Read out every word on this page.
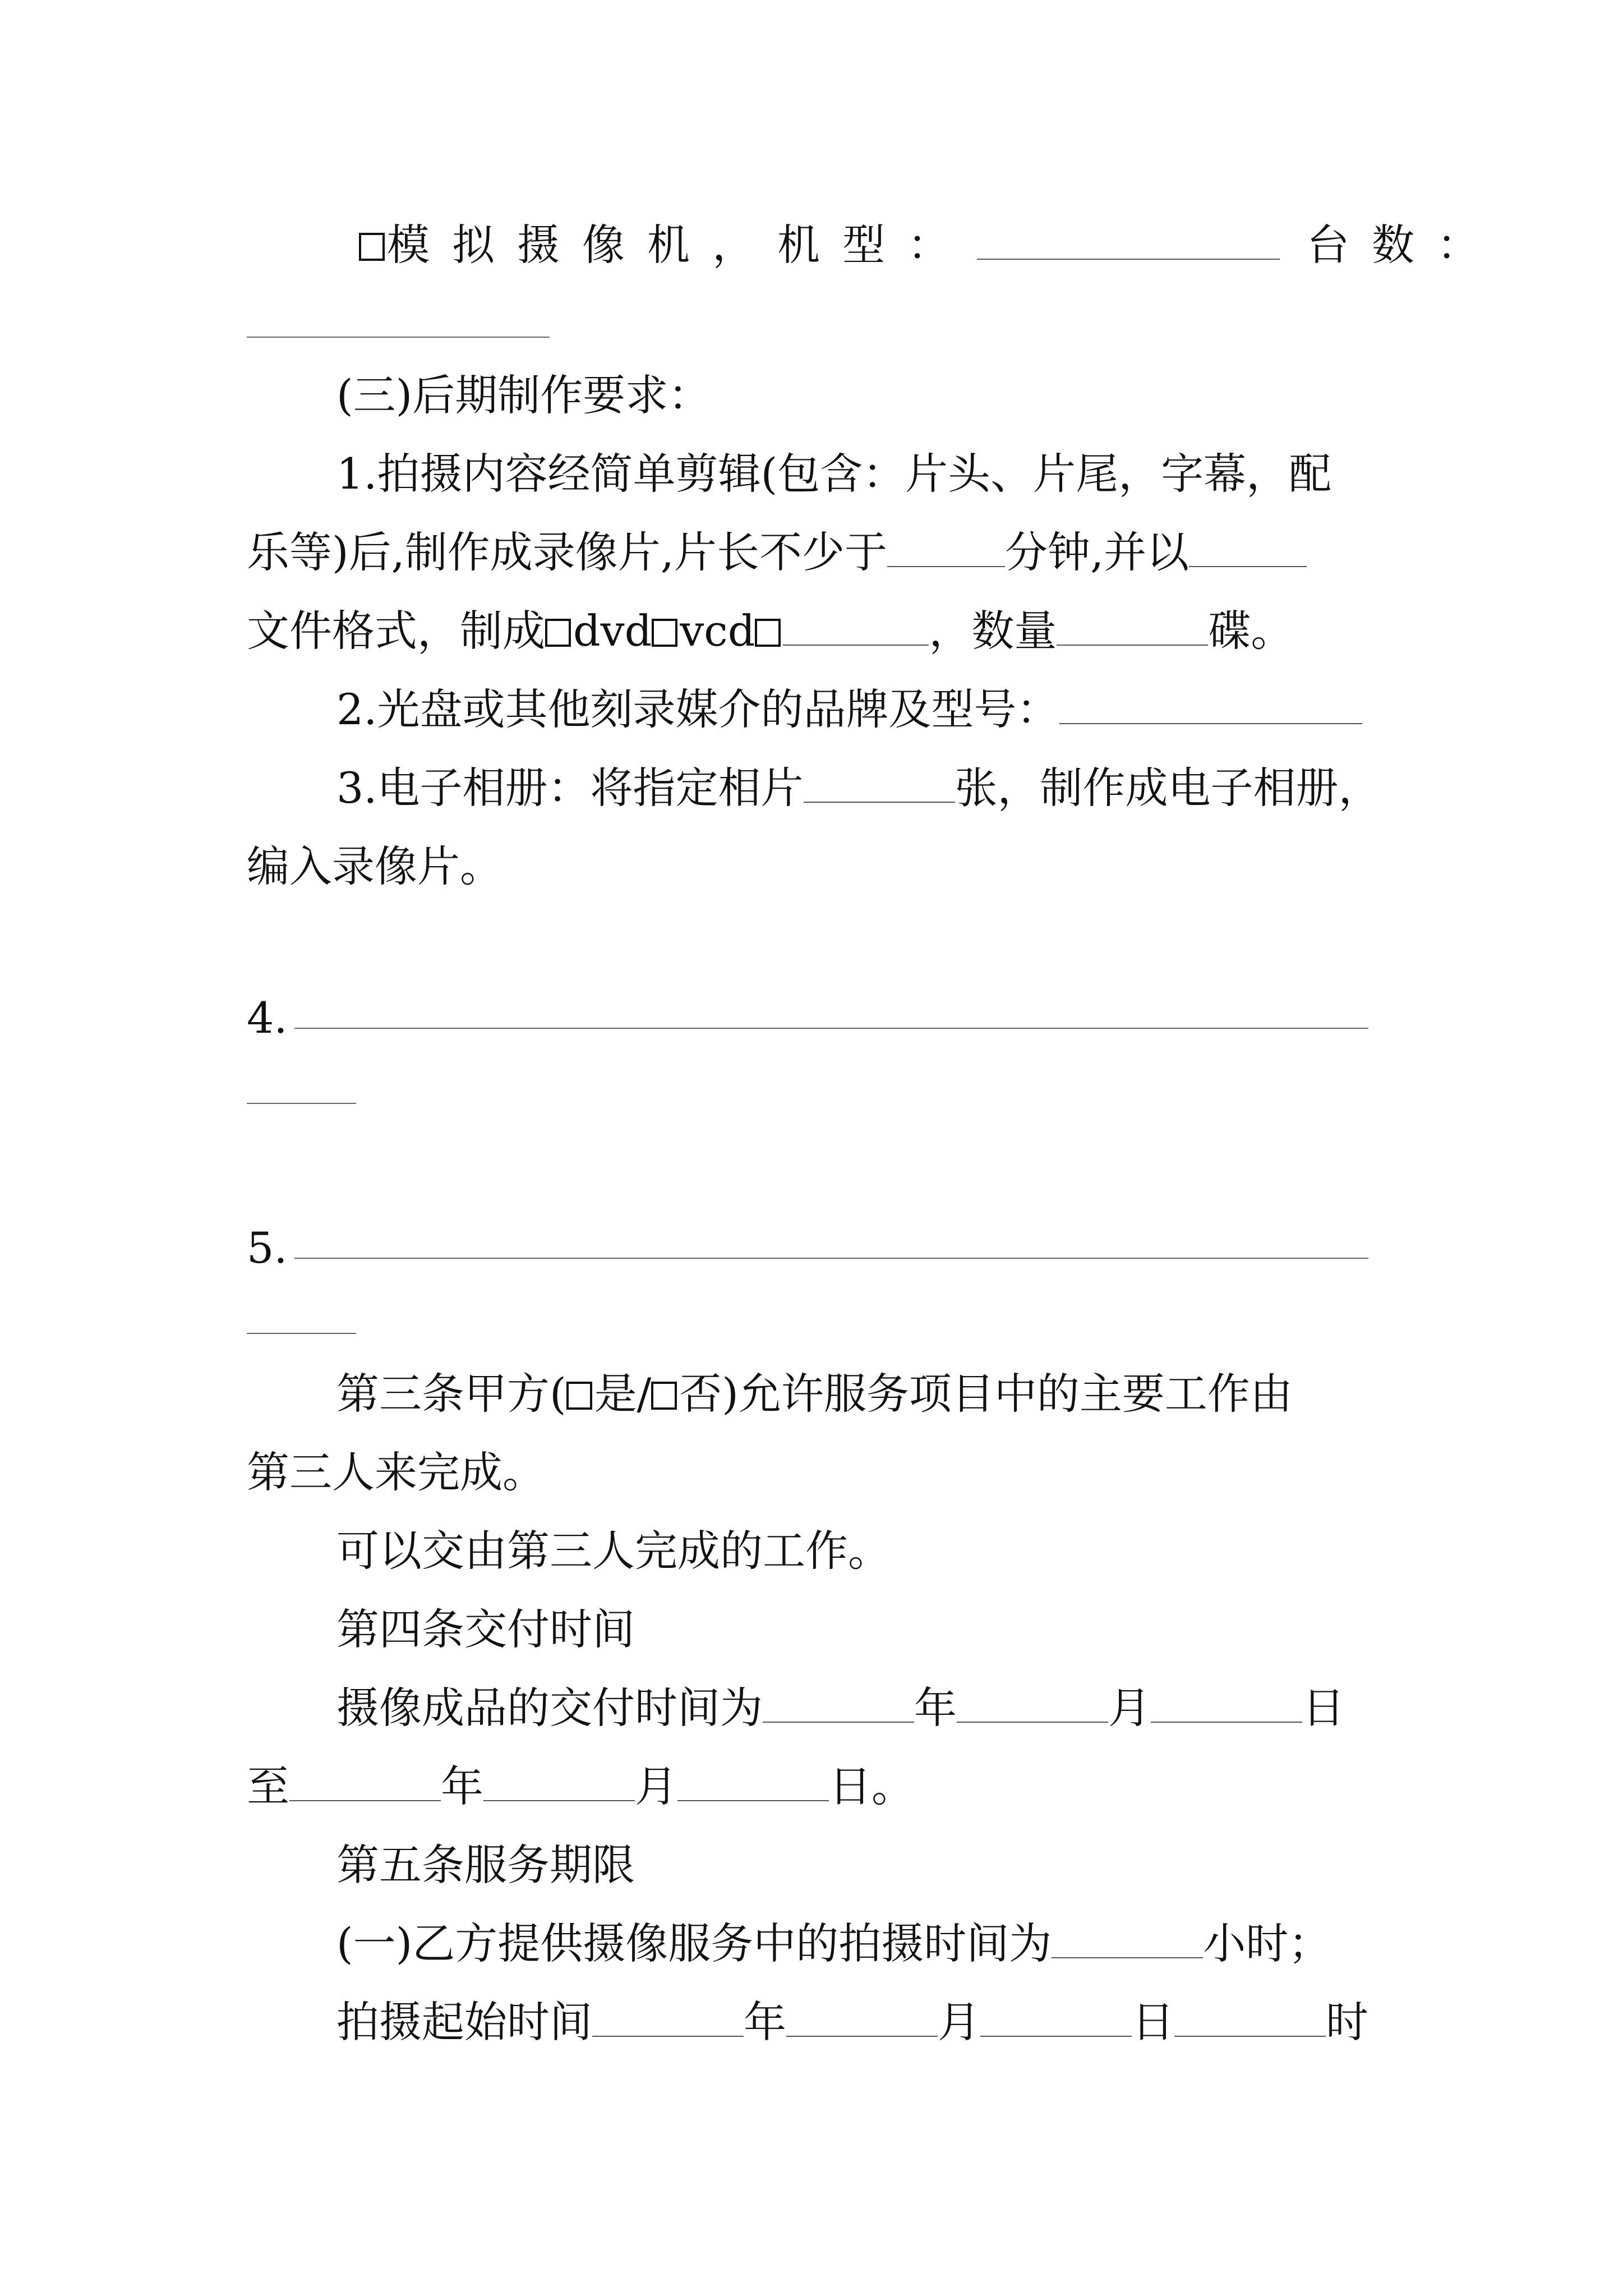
模拟摄像机，机型：	台数：
(三)后期制作要求：
1.拍摄内容经简单剪辑(包含：片头、片尾，字幕，配
乐等)后,制作成录像片,片长不少于	分钟,并以
文件格式，制成 dvd vcd	，数量	碟。
2.光盘或其他刻录媒介的品牌及型号：
3.电子相册：将指定相片	张，制作成电子相册，
编入录像片。
4.
5.
第三条甲方( 是/ 否)允许服务项目中的主要工作由
第三人来完成。
可以交由第三人完成的工作。
第四条交付时间
摄像成品的交付时间为	年	月	日
至	年	月	日。
第五条服务期限
(一)乙方提供摄像服务中的拍摄时间为	小时；
拍摄起始时间	年	月	日	时
